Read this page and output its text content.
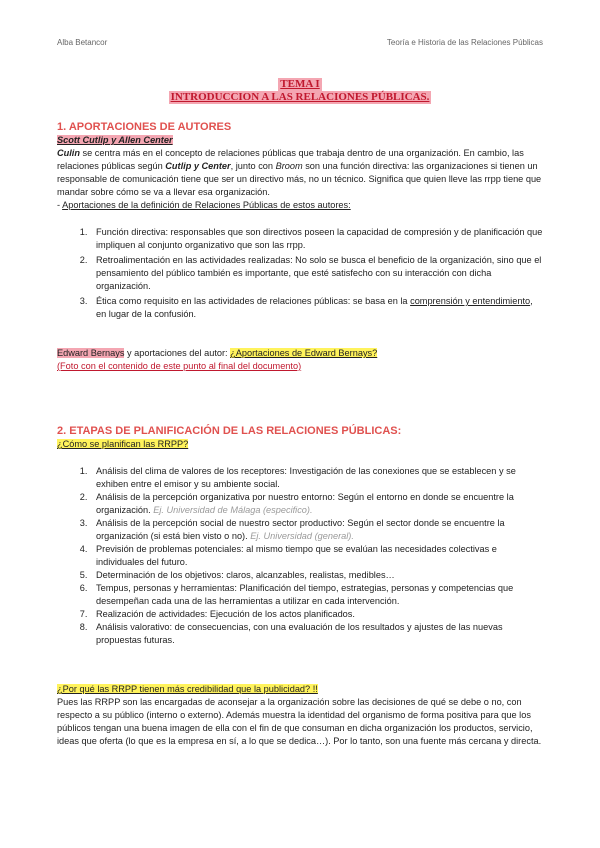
Alba Betancor	Teoría e Historia de las Relaciones Públicas
TEMA I
INTRODUCCION A LAS RELACIONES PÚBLICAS.
1. APORTACIONES DE AUTORES

Scott Cutlip y Allen Center

Culin se centra más en el concepto de relaciones públicas que trabaja dentro de una organización. En cambio, las relaciones públicas según Cutlip y Center, junto con Broom son una función directiva: las organizaciones si tienen un responsable de comunicación tiene que ser un directivo más, no un técnico. Significa que quien lleve las rrpp tiene que mandar sobre cómo se va a llevar esa organización.

- Aportaciones de la definición de Relaciones Públicas de estos autores:

1. Función directiva: responsables que son directivos poseen la capacidad de compresión y de planificación que impliquen al conjunto organizativo que son las rrpp.
2. Retroalimentación en las actividades realizadas: No solo se busca el beneficio de la organización, sino que el pensamiento del público también es importante, que esté satisfecho con su interacción con dicha organización.
3. Ética como requisito en las actividades de relaciones públicas: se basa en la comprensión y entendimiento, en lugar de la confusión.

Edward Bernays y aportaciones del autor: ¿Aportaciones de Edward Bernays?

(Foto con el contenido de este punto al final del documento)

2. ETAPAS DE PLANIFICACIÓN DE LAS RELACIONES PÚBLICAS:

¿Cómo se planifican las RRPP?

1. Análisis del clima de valores de los receptores: Investigación de las conexiones que se establecen y se exhiben entre el emisor y su ambiente social.
2. Análisis de la percepción organizativa por nuestro entorno: Según el entorno en donde se encuentre la organización. Ej. Universidad de Málaga (especifico).
3. Análisis de la percepción social de nuestro sector productivo: Según el sector donde se encuentre la organización (si está bien visto o no). Ej. Universidad (general).
4. Previsión de problemas potenciales: al mismo tiempo que se evalúan las necesidades colectivas e individuales del futuro.
5. Determinación de los objetivos: claros, alcanzables, realistas, medibles…
6. Tempus, personas y herramientas: Planificación del tiempo, estrategias, personas y competencias que desempeñan cada una de las herramientas a utilizar en cada intervención.
7. Realización de actividades: Ejecución de los actos planificados.
8. Análisis valorativo: de consecuencias, con una evaluación de los resultados y ajustes de las nuevas propuestas futuras.

¿Por qué las RRPP tienen más credibilidad que la publicidad? !!

Pues las RRPP son las encargadas de aconsejar a la organización sobre las decisiones de qué se debe o no, con respecto a su público (interno o externo). Además muestra la identidad del organismo de forma positiva para que los públicos tengan una buena imagen de ella con el fin de que consuman en dicha organización los productos, servicio, ideas que oferta (lo que es la empresa en sí, a lo que se dedica…). Por lo tanto, son una fuente más cercana y directa.
